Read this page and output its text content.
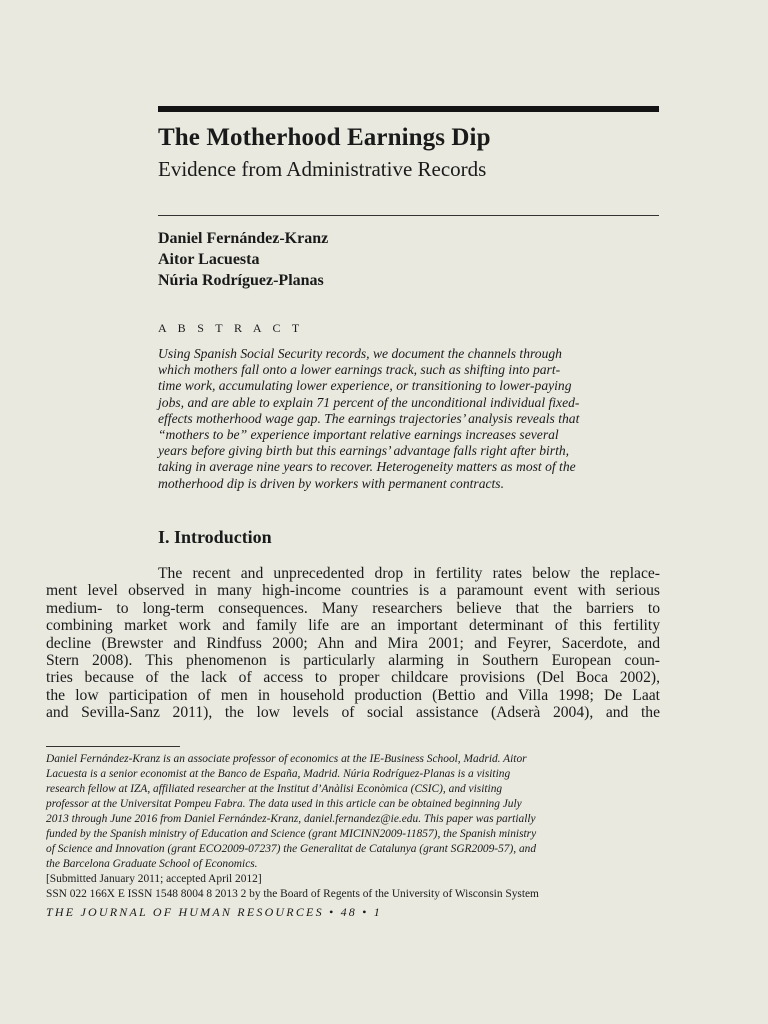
The Motherhood Earnings Dip
Evidence from Administrative Records
Daniel Fernández-Kranz
Aitor Lacuesta
Núria Rodríguez-Planas
A B S T R A C T
Using Spanish Social Security records, we document the channels through
which mothers fall onto a lower earnings track, such as shifting into part-
time work, accumulating lower experience, or transitioning to lower-paying
jobs, and are able to explain 71 percent of the unconditional individual fixed-
effects motherhood wage gap. The earnings trajectories’ analysis reveals that
“mothers to be” experience important relative earnings increases several
years before giving birth but this earnings’ advantage falls right after birth,
taking in average nine years to recover. Heterogeneity matters as most of the
motherhood dip is driven by workers with permanent contracts.
I. Introduction
The recent and unprecedented drop in fertility rates below the replace-
ment level observed in many high-income countries is a paramount event with serious
medium- to long-term consequences. Many researchers believe that the barriers to
combining market work and family life are an important determinant of this fertility
decline (Brewster and Rindfuss 2000; Ahn and Mira 2001; and Feyrer, Sacerdote, and
Stern 2008). This phenomenon is particularly alarming in Southern European coun-
tries because of the lack of access to proper childcare provisions (Del Boca 2002),
the low participation of men in household production (Bettio and Villa 1998; De Laat
and Sevilla-Sanz 2011), the low levels of social assistance (Adserà 2004), and the
Daniel Fernández-Kranz is an associate professor of economics at the IE-Business School, Madrid. Aitor
Lacuesta is a senior economist at the Banco de España, Madrid. Núria Rodríguez-Planas is a visiting
research fellow at IZA, affiliated researcher at the Institut d’Anàlisi Econòmica (CSIC), and visiting
professor at the Universitat Pompeu Fabra. The data used in this article can be obtained beginning July
2013 through June 2016 from Daniel Fernández-Kranz, daniel.fernandez@ie.edu. This paper was partially
funded by the Spanish ministry of Education and Science (grant MICINN2009-11857), the Spanish ministry
of Science and Innovation (grant ECO2009-07237) the Generalitat de Catalunya (grant SGR2009-57), and
the Barcelona Graduate School of Economics.
[Submitted January 2011; accepted April 2012]
SSN 022 166X E ISSN 1548 8004 8 2013 2 by the Board of Regents of the University of Wisconsin System
THE JOURNAL OF HUMAN RESOURCES • 48 • 1
